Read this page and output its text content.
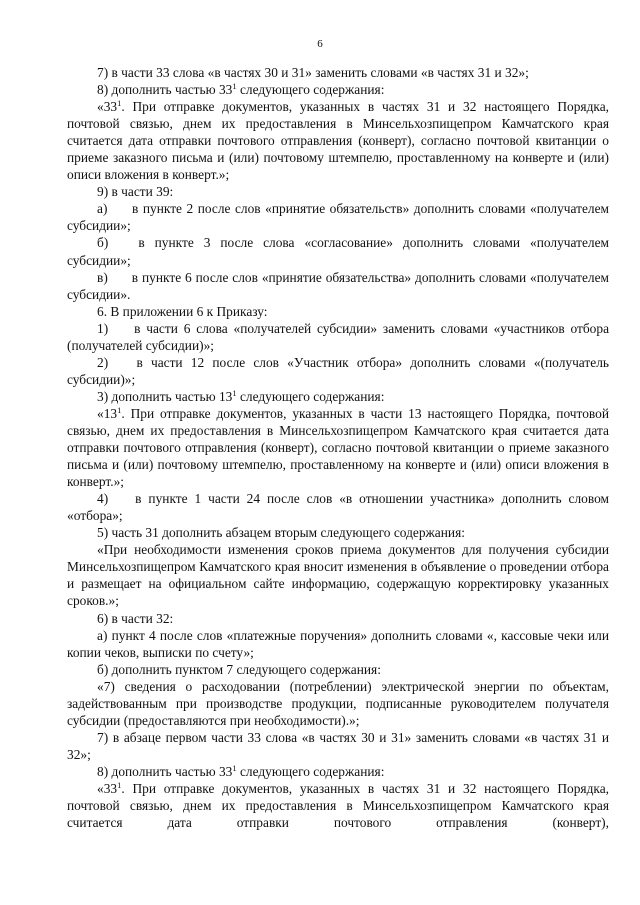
6

7) в части 33 слова «в частях 30 и 31» заменить словами «в частях 31 и 32»;

8) дополнить частью $33^1$ следующего содержания:

«$33^1$. При отправке документов, указанных в частях 31 и 32 настоящего Порядка, почтовой связью, днем их предоставления в Минсельхозпищепром Камчатского края считается дата отправки почтового отправления (конверт), согласно почтовой квитанции о приеме заказного письма и (или) почтовому штемпелю, проставленному на конверте и (или) описи вложения в конверт.»;

9) в части 39:

а)   в пункте 2 после слов «принятие обязательств» дополнить словами «получателем субсидии»;

б)   в пункте 3 после слова «согласование» дополнить словами «получателем субсидии»;

в)   в пункте 6 после слов «принятие обязательства» дополнить словами «получателем субсидии».

6. В приложении 6 к Приказу:

1)   в части 6 слова «получателей субсидии» заменить словами «участников отбора (получателей субсидии)»;

2)   в части 12 после слов «Участник отбора» дополнить словами «(получатель субсидии)»;

3) дополнить частью $13^1$ следующего содержания:

«$13^1$. При отправке документов, указанных в части 13 настоящего Порядка, почтовой связью, днем их предоставления в Минсельхозпищепром Камчатского края считается дата отправки почтового отправления (конверт), согласно почтовой квитанции о приеме заказного письма и (или) почтовому штемпелю, проставленному на конверте и (или) описи вложения в конверт.»;

4)   в пункте 1 части 24 после слов «в отношении участника» дополнить словом «отбора»;

5) часть 31 дополнить абзацем вторым следующего содержания:

«При необходимости изменения сроков приема документов для получения субсидии Минсельхозпищепром Камчатского края вносит изменения в объявление о проведении отбора и размещает на официальном сайте информацию, содержащую корректировку указанных сроков.»;

6) в части 32:

а) пункт 4 после слов «платежные поручения» дополнить словами «, кассовые чеки или копии чеков, выписки по счету»;

б) дополнить пунктом 7 следующего содержания:

«7) сведения о расходовании (потреблении) электрической энергии по объектам, задействованным при производстве продукции, подписанные руководителем получателя субсидии (предоставляются при необходимости).»;

7) в абзаце первом части 33 слова «в частях 30 и 31» заменить словами «в частях 31 и 32»;

8) дополнить частью $33^1$ следующего содержания:

«$33^1$. При отправке документов, указанных в частях 31 и 32 настоящего Порядка, почтовой связью, днем их предоставления в Минсельхозпищепром Камчатского края считается дата отправки почтового отправления (конверт),
